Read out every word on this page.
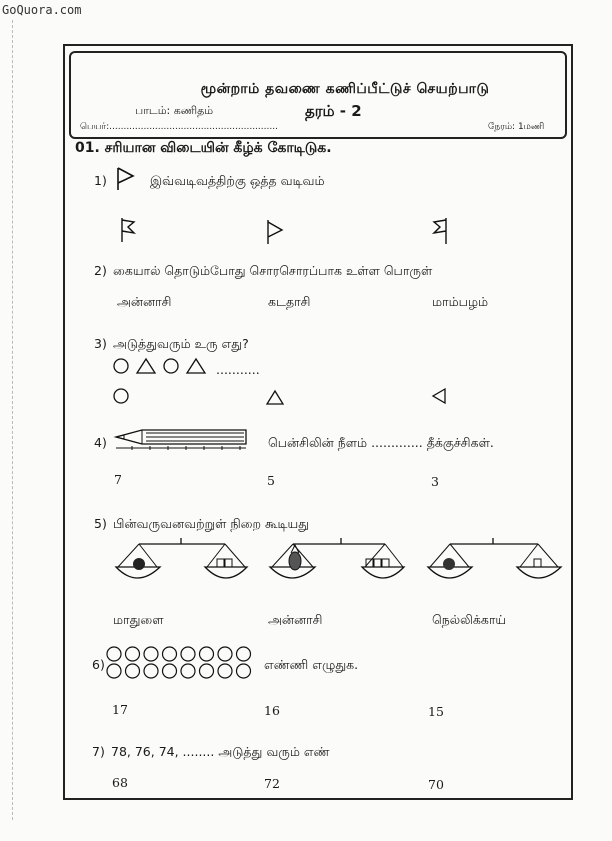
GoQuora.com
மூன்றாம் தவணை கணிப்பீட்டுச் செயற்பாடு
பாடம்: கணிதம்	தரம் - 2
பெயர்:...........................................................	நேரம்: 1மணி
01. சரியான விடையின் கீழ்க் கோடிடுக.
1)	இவ்வடிவத்திற்கு ஒத்த வடிவம்
2) கையால் தொடும்போது சொரசொரப்பாக உள்ள பொருள்
அன்னாசி	கடதாசி	மாம்பழம்
3) அடுத்துவரும் உரு எது?
...........
4)	பென்சிலின் நீளம் ............. தீக்குச்சிகள்.
7	5	3
5) பின்வருவனவற்றுள் நிறை கூடியது
மாதுளை	அன்னாசி	நெல்லிக்காய்
6)	எண்ணி எழுதுக.
17	16	15
7) 78, 76, 74, ........ அடுத்து வரும் எண்
68	72	70
